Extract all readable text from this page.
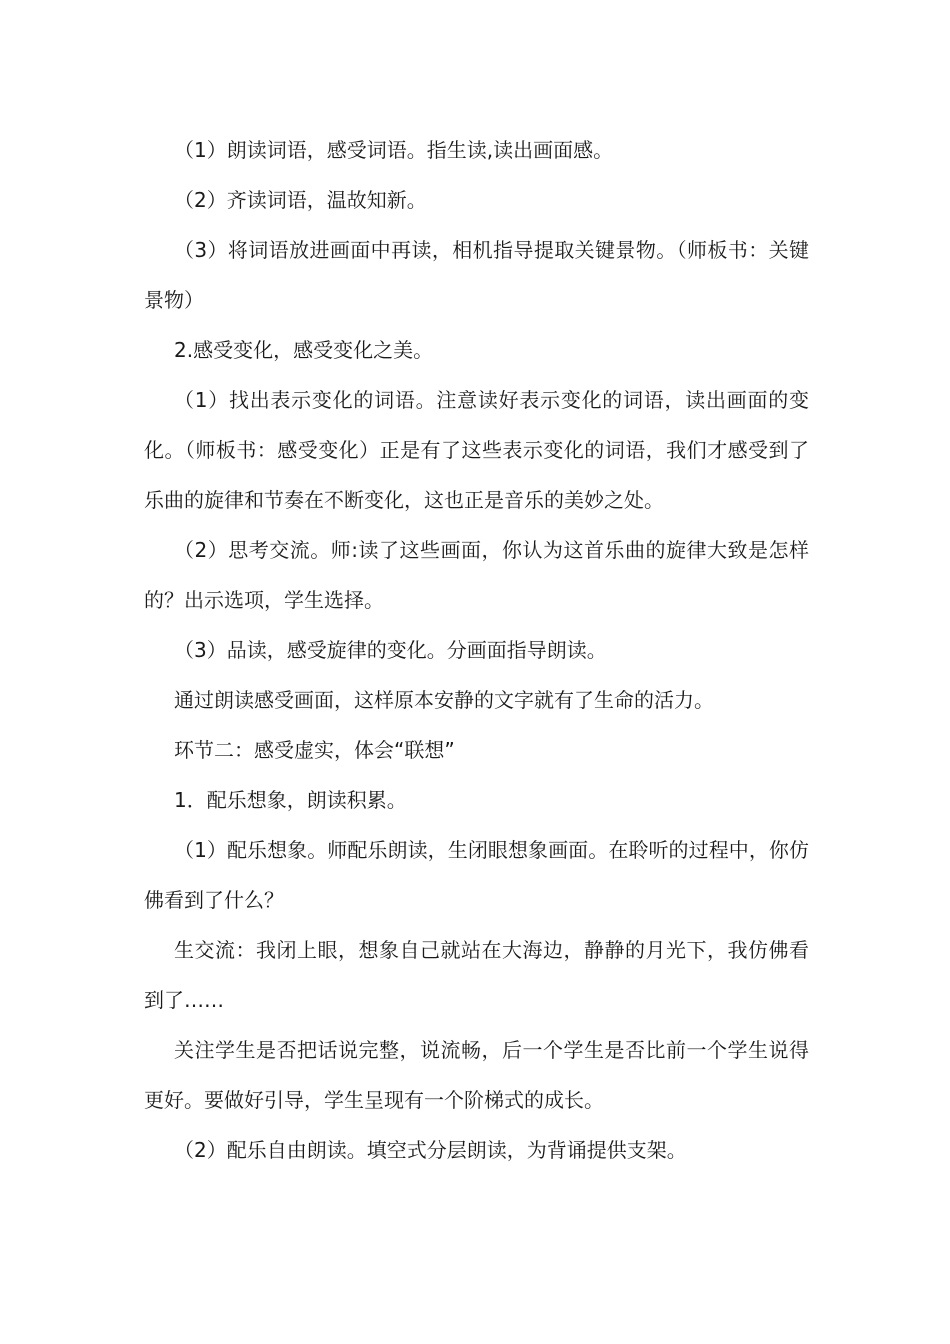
（1）朗读词语，感受词语。指生读,读出画面感。

（2）齐读词语，温故知新。

（3）将词语放进画面中再读，相机指导提取关键景物。（师板书：关键景物）

2.感受变化，感受变化之美。

（1）找出表示变化的词语。注意读好表示变化的词语，读出画面的变化。（师板书：感受变化）正是有了这些表示变化的词语，我们才感受到了乐曲的旋律和节奏在不断变化，这也正是音乐的美妙之处。

（2）思考交流。师:读了这些画面，你认为这首乐曲的旋律大致是怎样的？出示选项，学生选择。

（3）品读，感受旋律的变化。分画面指导朗读。

通过朗读感受画面，这样原本安静的文字就有了生命的活力。

环节二：感受虚实，体会“联想”

1．配乐想象，朗读积累。

（1）配乐想象。师配乐朗读，生闭眼想象画面。在聆听的过程中，你仿佛看到了什么？

生交流：我闭上眼，想象自己就站在大海边，静静的月光下，我仿佛看到了……

关注学生是否把话说完整，说流畅，后一个学生是否比前一个学生说得更好。要做好引导，学生呈现有一个阶梯式的成长。

（2）配乐自由朗读。填空式分层朗读，为背诵提供支架。
